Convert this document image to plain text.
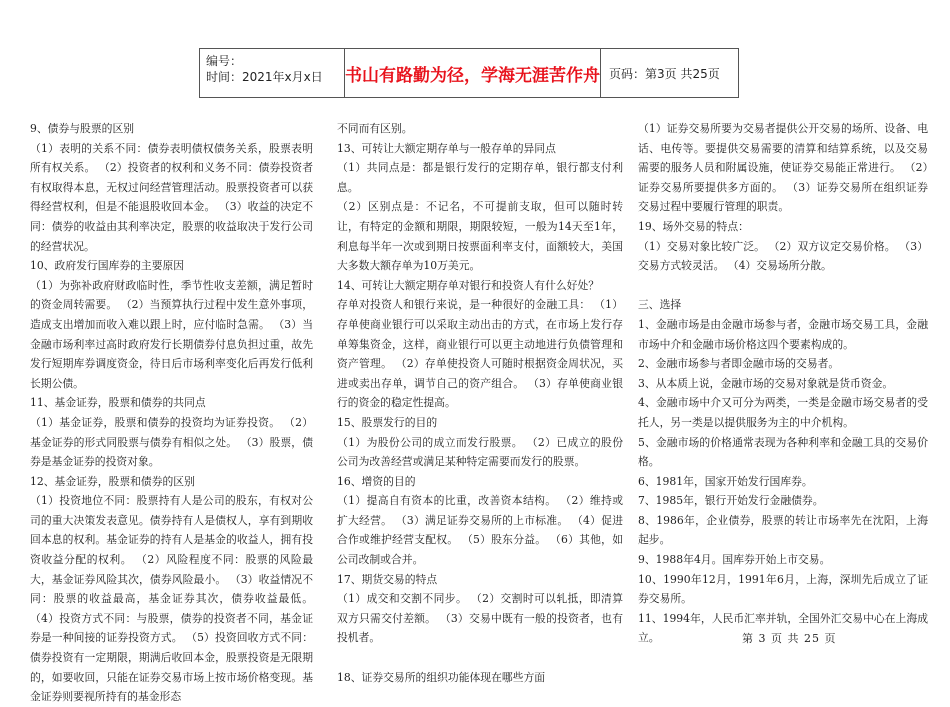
编号：
时间：2021年x月x日	书山有路勤为径，学海无涯苦作舟 页码：第3页 共25页

9、债券与股票的区别

（1）表明的关系不同：债券表明债权债务关系，股票表明所有权关系。 （2）投资者的权利和义务不同：债券投资者有权取得本息，无权过问经营管理活动。股票投资者可以获得经营权利，但是不能退股收回本金。 （3）收益的决定不同：债券的收益由其利率决定，股票的收益取决于发行公司的经营状况。

10、政府发行国库券的主要原因

（1）为弥补政府财政临时性，季节性收支差额，满足暂时的资金周转需要。 （2）当预算执行过程中发生意外事项，造成支出增加而收入难以跟上时，应付临时急需。 （3）当金融市场利率过高时政府发行长期债券付息负担过重，故先发行短期库券调度资金，待日后市场利率变化后再发行低利长期公债。

11、基金证券，股票和债券的共同点

（1）基金证券，股票和债券的投资均为证券投资。 （2）基金证券的形式同股票与债券有相似之处。 （3）股票，债券是基金证券的投资对象。

12、基金证券，股票和债券的区别

（1）投资地位不同：股票持有人是公司的股东，有权对公司的重大决策发表意见。债券持有人是债权人，享有到期收回本息的权利。基金证券的持有人是基金的收益人，拥有投资收益分配的权利。 （2）风险程度不同：股票的风险最大，基金证券风险其次，债券风险最小。 （3）收益情况不同：股票的收益最高，基金证券其次，债券收益最低。 （4）投资方式不同：与股票，债券的投资者不同，基金证券是一种间接的证券投资方式。 （5）投资回收方式不同：债券投资有一定期限，期满后收回本金，股票投资是无限期的，如要收回，只能在证券交易市场上按市场价格变现。基金证券则要视所持有的基金形态

不同而有区别。

13、可转让大额定期存单与一般存单的异同点

（1）共同点是：都是银行发行的定期存单，银行都支付利息。

（2）区别点是：不记名，不可提前支取，但可以随时转让，有特定的金额和期限，期限较短，一般为14天至1年，利息每半年一次或到期日按票面利率支付，面额较大，美国大多数大额存单为10万美元。

14、可转让大额定期存单对银行和投资人有什么好处？

存单对投资人和银行来说，是一种很好的金融工具： （1）存单使商业银行可以采取主动出击的方式，在市场上发行存单筹集资金，这样，商业银行可以更主动地进行负债管理和资产管理。 （2）存单使投资人可随时根据资金周状况，买进或卖出存单，调节自己的资产组合。 （3）存单使商业银行的资金的稳定性提高。

15、股票发行的目的

（1）为股份公司的成立而发行股票。 （2）已成立的股份公司为改善经营或满足某种特定需要而发行的股票。

16、增资的目的

（1）提高自有资本的比重，改善资本结构。 （2）维持或扩大经营。 （3）满足证券交易所的上市标准。 （4）促进合作或维护经营支配权。 （5）股东分益。 （6）其他，如公司改制或合并。

17、期货交易的特点

（1）成交和交割不同步。 （2）交割时可以轧抵，即清算双方只需交付差额。 （3）交易中既有一般的投资者，也有投机者。

18、证券交易所的组织功能体现在哪些方面

（1）证券交易所要为交易者提供公开交易的场所、设备、电话、电传等。要提供交易需要的清算和结算系统，以及交易需要的服务人员和附属设施，使证券交易能正常进行。 （2）证券交易所要提供多方面的。 （3）证券交易所在组织证券交易过程中要履行管理的职责。

19、场外交易的特点：

（1）交易对象比较广泛。 （2）双方议定交易价格。 （3）交易方式较灵活。 （4）交易场所分散。

三、选择

1、金融市场是由金融市场参与者，金融市场交易工具，金融市场中介和金融市场价格这四个要素构成的。

2、金融市场参与者即金融市场的交易者。

3、从本质上说，金融市场的交易对象就是货币资金。

4、金融市场中介又可分为两类，一类是金融市场交易者的受托人，另一类是以提供服务为主的中介机构。

5、金融市场的价格通常表现为各种利率和金融工具的交易价格。

6、1981年，国家开始发行国库券。

7、1985年，银行开始发行金融债券。

8、1986年，企业债券，股票的转让市场率先在沈阳，上海起步。

9、1988年4月。国库券开始上市交易。

10、1990年12月，1991年6月，上海，深圳先后成立了证券交易所。

11、1994年，人民币汇率并轨，全国外汇交易中心在上海成立。	第 3 页 共 25 页
